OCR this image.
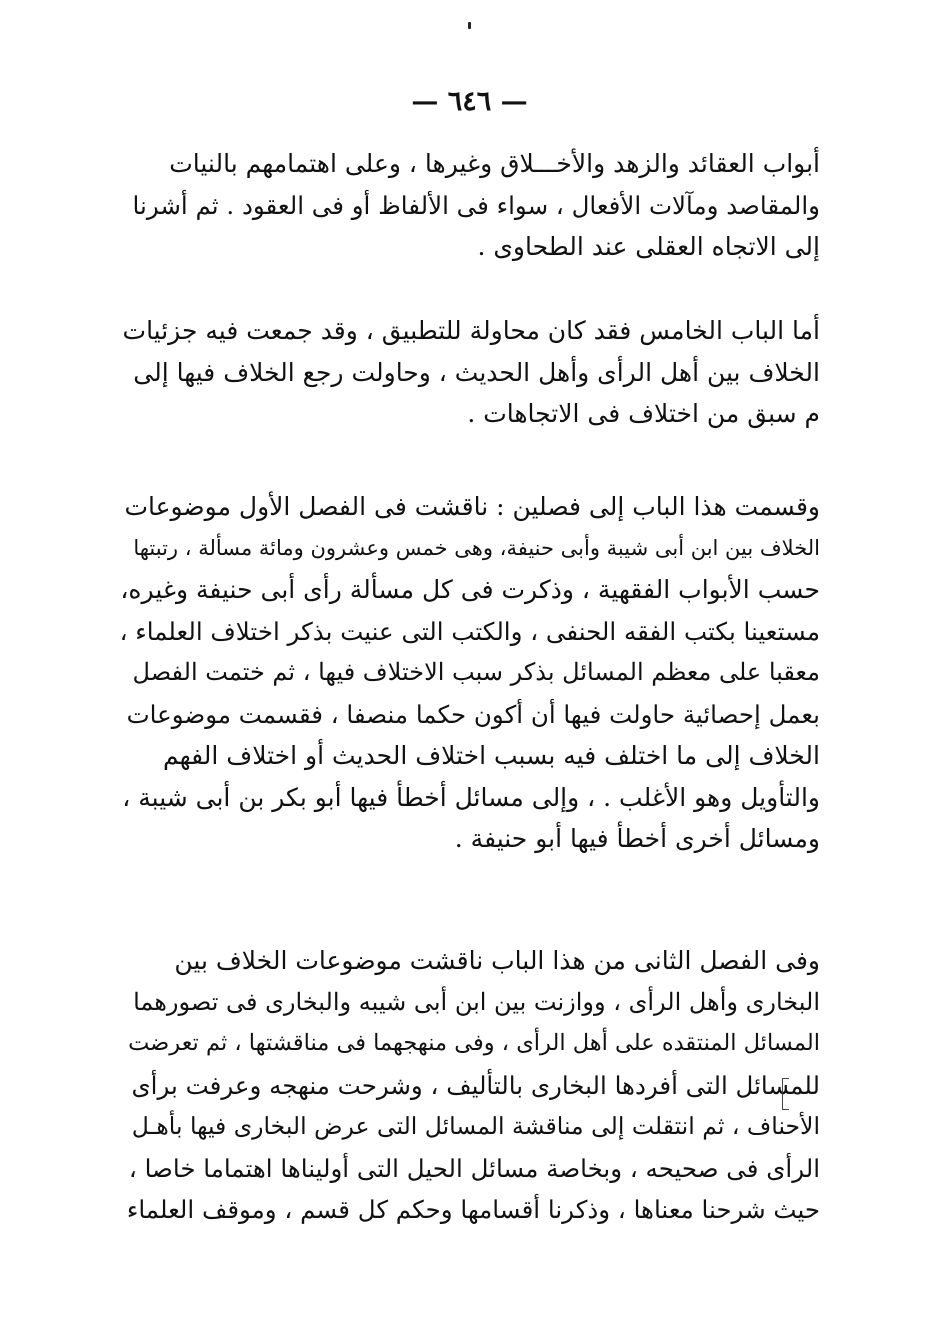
— ٦٤٦ —

أبواب العقائد والزهد والأخـــلاق وغيرها ، وعلى اهتمامهم بالنيات
والمقاصد ومآلات الأفعال ، سواء فى الألفاظ أو فى العقود . ثم أشرنا
إلى الاتجاه العقلى عند الطحاوى .

أما الباب الخامس فقد كان محاولة للتطبيق ، وقد جمعت فيه جزئيات
الخلاف بين أهل الرأى وأهل الحديث ، وحاولت رجع الخلاف فيها إلى
م سبق من اختلاف فى الاتجاهات .

وقسمت هذا الباب إلى فصلين : ناقشت فى الفصل الأول موضوعات
الخلاف بين ابن أبى شيبة وأبى حنيفة، وهى خمس وعشرون ومائة مسألة ، رتبتها
حسب الأبواب الفقهية ، وذكرت فى كل مسألة رأى أبى حنيفة وغيره،
مستعينا بكتب الفقه الحنفى ، والكتب التى عنيت بذكر اختلاف العلماء ،
معقبا على معظم المسائل بذكر سبب الاختلاف فيها ، ثم ختمت الفصل
بعمل إحصائية حاولت فيها أن أكون حكما منصفا ، فقسمت موضوعات
الخلاف إلى ما اختلف فيه بسبب اختلاف الحديث أو اختلاف الفهم
والتأويل وهو الأغلب . ، وإلى مسائل أخطأ فيها أبو بكر بن أبى شيبة ،
ومسائل أخرى أخطأ فيها أبو حنيفة .

وفى الفصل الثانى من هذا الباب ناقشت موضوعات الخلاف بين
البخارى وأهل الرأى ، ووازنت بين ابن أبى شيبه والبخارى فى تصورهما
المسائل المنتقده على أهل الرأى ، وفى منهجهما فى مناقشتها ، ثم تعرضت
للمسائل التى أفردها البخارى بالتأليف ، وشرحت منهجه وعرفت برأى
الأحناف ، ثم انتقلت إلى مناقشة المسائل التى عرض البخارى فيها بأهـل
الرأى فى صحيحه ، وبخاصة مسائل الحيل التى أوليناها اهتماما خاصا ،
حيث شرحنا معناها ، وذكرنا أقسامها وحكم كل قسم ، وموقف العلماء
